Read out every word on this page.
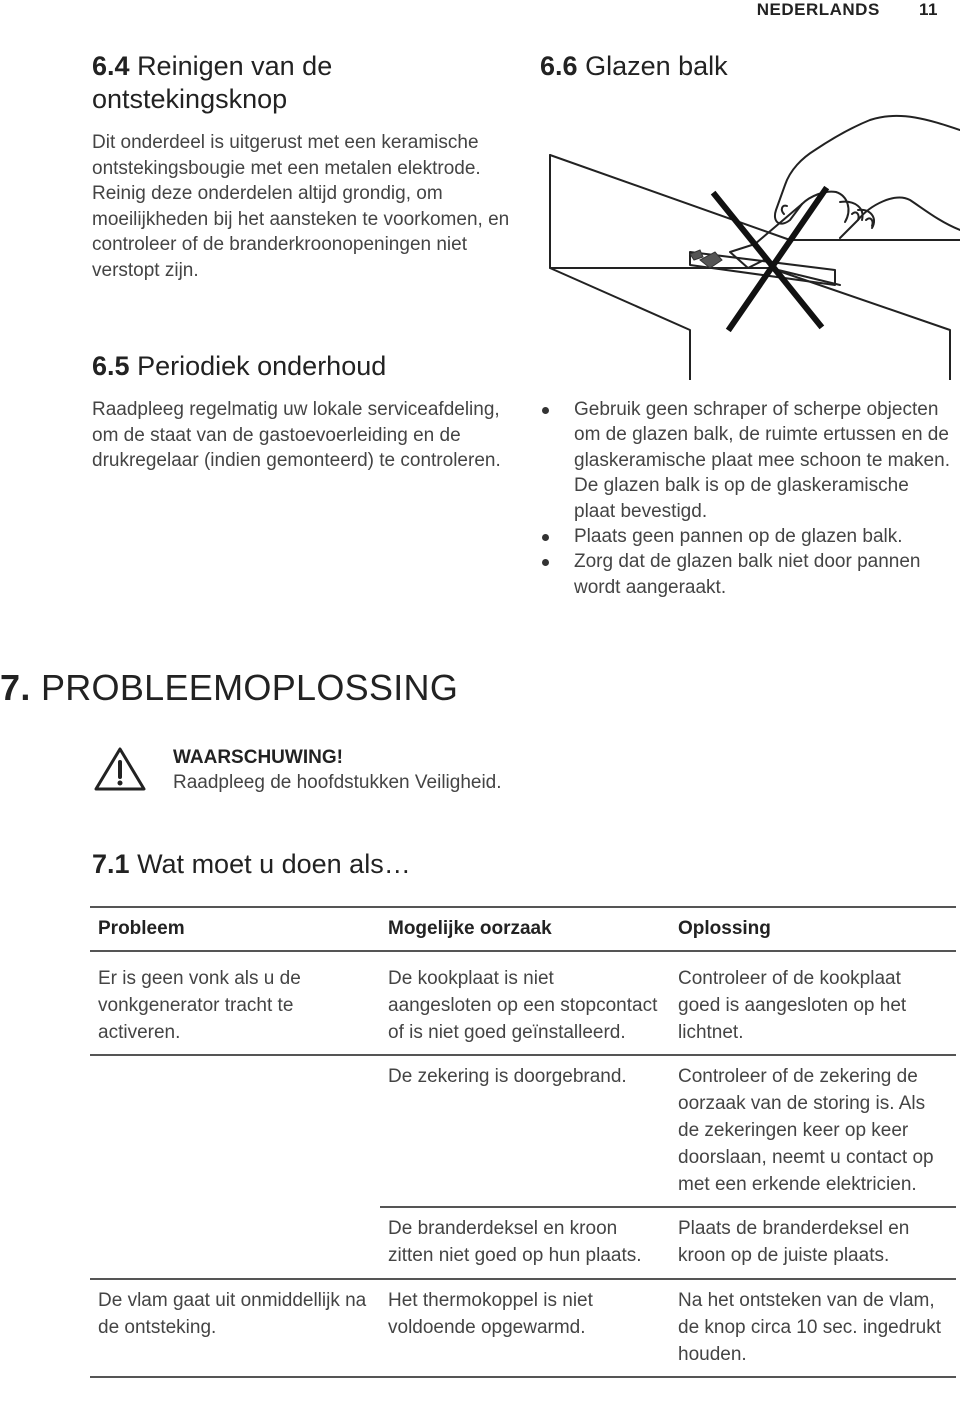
NEDERLANDS 11
6.4 Reinigen van de ontstekingsknop

Dit onderdeel is uitgerust met een keramische ontstekingsbougie met een metalen elektrode. Reinig deze onderdelen altijd grondig, om moeilijkheden bij het aansteken te voorkomen, en controleer of de branderkroonopeningen niet verstopt zijn.

6.5 Periodiek onderhoud

Raadpleeg regelmatig uw lokale serviceafdeling, om de staat van de gastoevoerleiding en de drukregelaar (indien gemonteerd) te controleren.

6.6 Glazen balk
Gebruik geen schraper of scherpe objecten om de glazen balk, de ruimte ertussen en de glaskeramische plaat mee schoon te maken. De glazen balk is op de glaskeramische plaat bevestigd.
Plaats geen pannen op de glazen balk.
Zorg dat de glazen balk niet door pannen wordt aangeraakt.
7. PROBLEEMOPLOSSING
WAARSCHUWING!
Raadpleeg de hoofdstukken Veiligheid.
7.1 Wat moet u doen als…
Probleem	Mogelijke oorzaak	Oplossing

Er is geen vonk als u de vonkgenerator tracht te activeren.	De kookplaat is niet aangesloten op een stopcontact of is niet goed geïnstalleerd.	Controleer of de kookplaat goed is aangesloten op het lichtnet.
	De zekering is doorgebrand.	Controleer of de zekering de oorzaak van de storing is. Als de zekeringen keer op keer doorslaan, neemt u contact op met een erkende elektricien.
	De branderdeksel en kroon zitten niet goed op hun plaats.	Plaats de branderdeksel en kroon op de juiste plaats.
De vlam gaat uit onmiddellijk na de ontsteking.	Het thermokoppel is niet voldoende opgewarmd.	Na het ontsteken van de vlam, de knop circa 10 sec. ingedrukt houden.
